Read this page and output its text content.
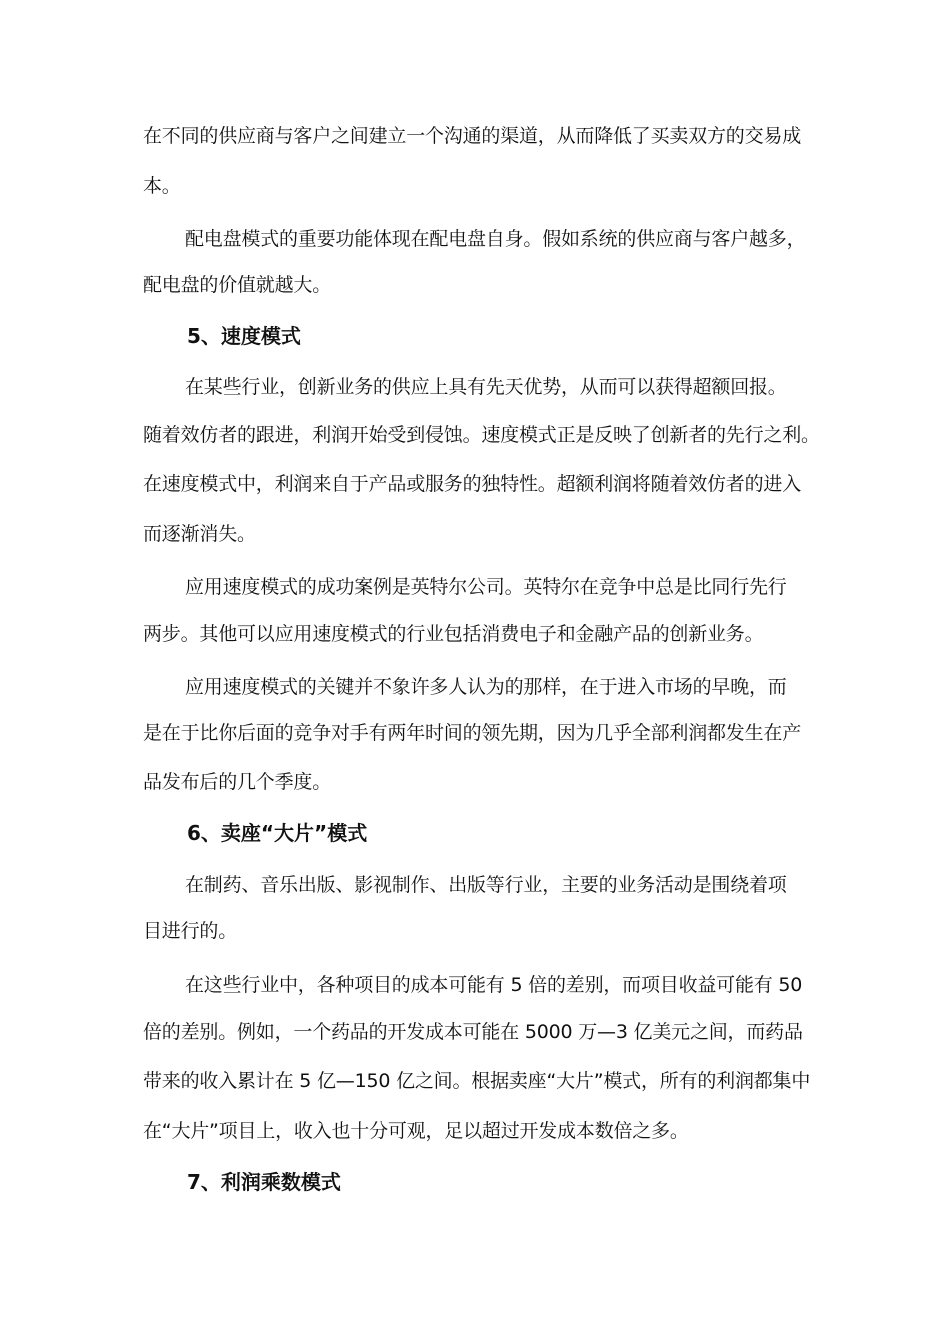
在不同的供应商与客户之间建立一个沟通的渠道，从而降低了买卖双方的交易成
本。
配电盘模式的重要功能体现在配电盘自身。假如系统的供应商与客户越多，
配电盘的价值就越大。
5、速度模式
在某些行业，创新业务的供应上具有先天优势，从而可以获得超额回报。
随着效仿者的跟进，利润开始受到侵蚀。速度模式正是反映了创新者的先行之利。
在速度模式中，利润来自于产品或服务的独特性。超额利润将随着效仿者的进入
而逐渐消失。
应用速度模式的成功案例是英特尔公司。英特尔在竞争中总是比同行先行
两步。其他可以应用速度模式的行业包括消费电子和金融产品的创新业务。
应用速度模式的关键并不象许多人认为的那样，在于进入市场的早晚，而
是在于比你后面的竞争对手有两年时间的领先期，因为几乎全部利润都发生在产
品发布后的几个季度。
6、卖座“大片”模式
在制药、音乐出版、影视制作、出版等行业，主要的业务活动是围绕着项
目进行的。
在这些行业中，各种项目的成本可能有 5 倍的差别，而项目收益可能有 50
倍的差别。例如，一个药品的开发成本可能在 5000 万—3 亿美元之间，而药品
带来的收入累计在 5 亿—150 亿之间。根据卖座“大片”模式，所有的利润都集中
在“大片”项目上，收入也十分可观，足以超过开发成本数倍之多。
7、利润乘数模式
